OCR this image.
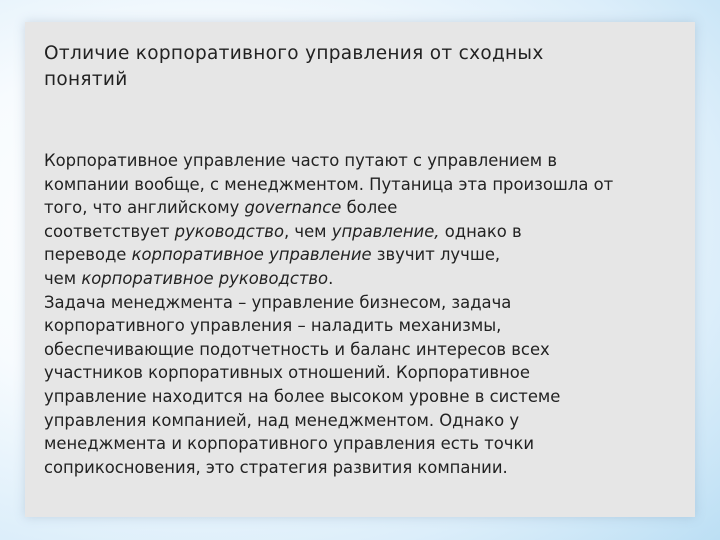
Отличие корпоративного управления от сходных
понятий
Корпоративное управление часто путают с управлением в
компании вообще, с менеджментом. Путаница эта произошла от
того, что английскому governance более
соответствует руководство, чем управление, однако в
переводе корпоративное управление звучит лучше,
чем корпоративное руководство.
Задача менеджмента – управление бизнесом, задача
корпоративного управления – наладить механизмы,
обеспечивающие подотчетность и баланс интересов всех
участников корпоративных отношений. Корпоративное
управление находится на более высоком уровне в системе
управления компанией, над менеджментом. Однако у
менеджмента и корпоративного управления есть точки
соприкосновения, это стратегия развития компании.
